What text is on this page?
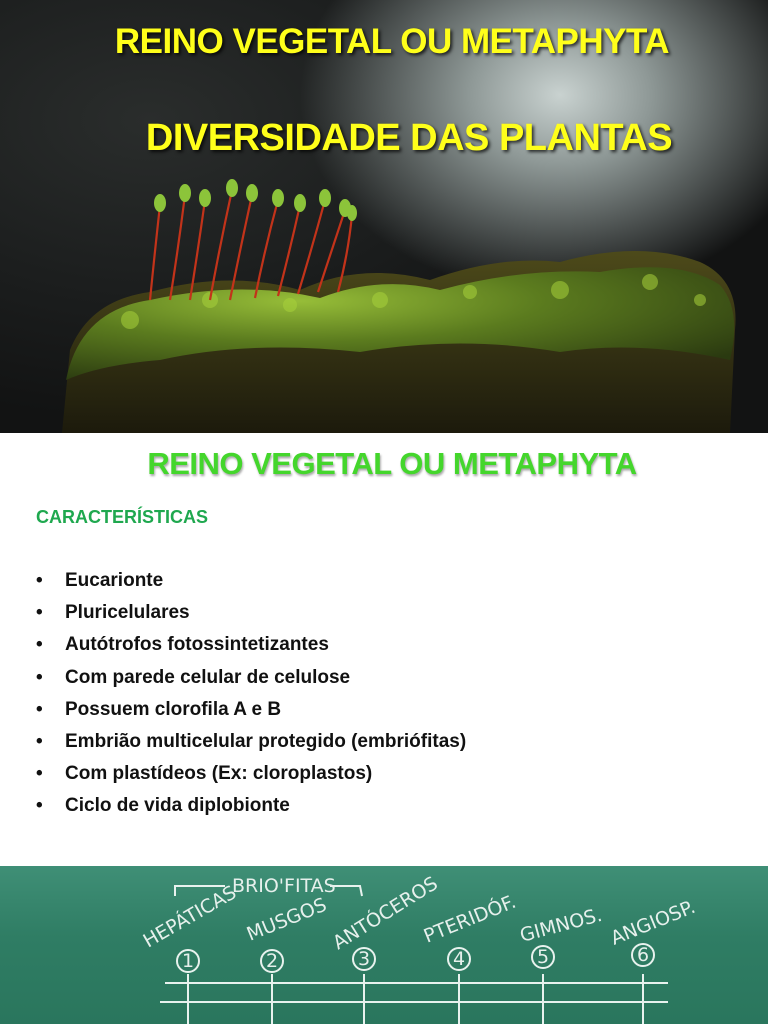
REINO VEGETAL OU METAPHYTA
DIVERSIDADE DAS PLANTAS
REINO VEGETAL OU METAPHYTA
CARACTERÍSTICAS
• Eucarionte
• Pluricelulares
• Autótrofos fotossintetizantes
• Com parede celular de celulose
• Possuem clorofila A e B
• Embrião multicelular protegido (embriófitas)
• Com plastídeos (Ex: cloroplastos)
• Ciclo de vida diplobionte
BRIO'FITAS
HEPÁTICAS MUSGOS ANTÓCEROS
PTERIDÓF.
GIMNOS. ANGIOSP.
1	2	3	4	5	6
